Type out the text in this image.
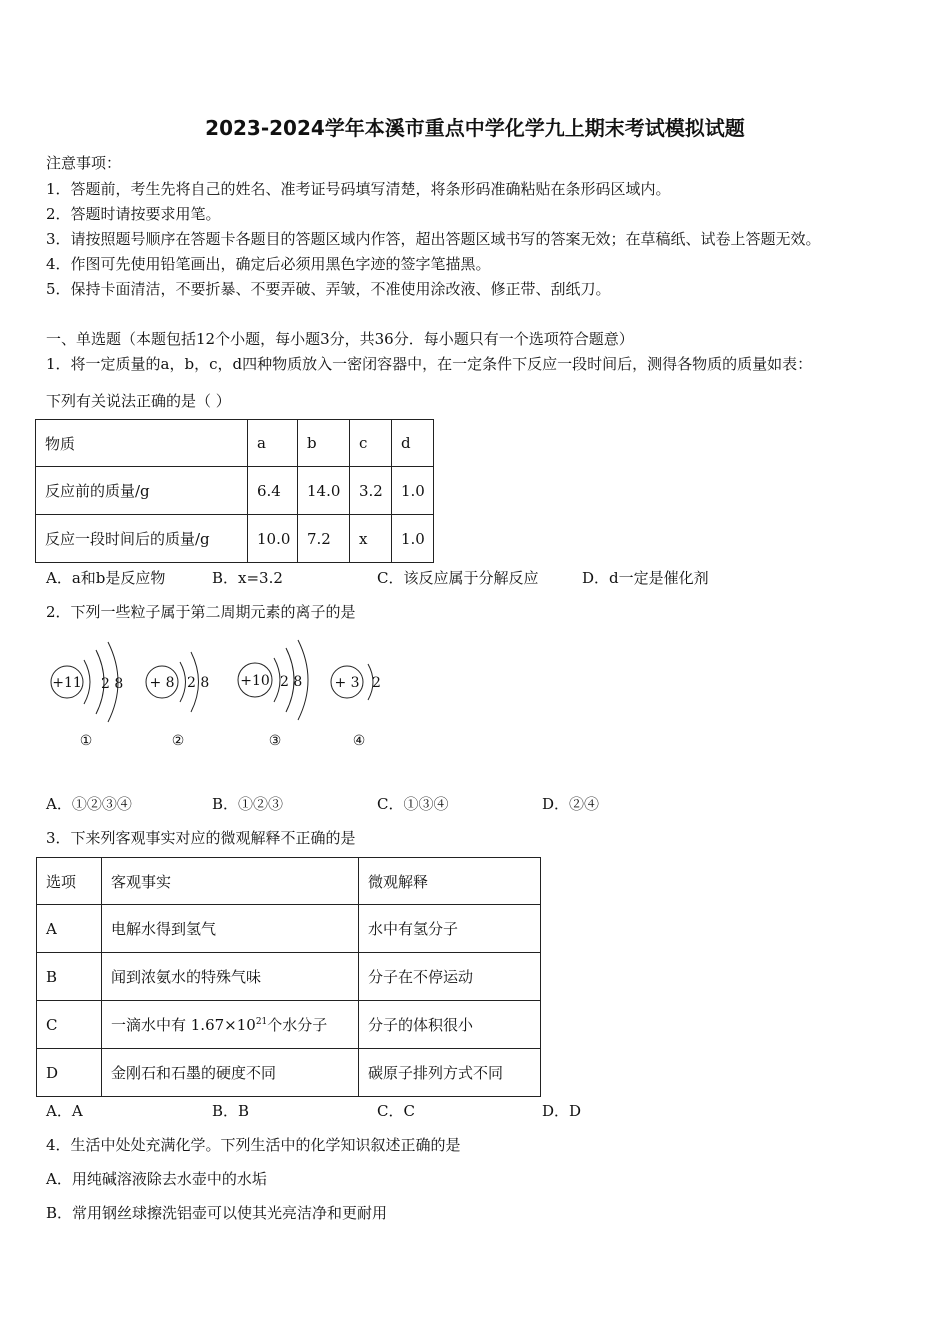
2023-2024学年本溪市重点中学化学九上期末考试模拟试题
注意事项：
1．答题前，考生先将自己的姓名、准考证号码填写清楚，将条形码准确粘贴在条形码区域内。
2．答题时请按要求用笔。
3．请按照题号顺序在答题卡各题目的答题区域内作答，超出答题区域书写的答案无效；在草稿纸、试卷上答题无效。
4．作图可先使用铅笔画出，确定后必须用黑色字迹的签字笔描黑。
5．保持卡面清洁，不要折暴、不要弄破、弄皱，不准使用涂改液、修正带、刮纸刀。
一、单选题（本题包括12个小题，每小题3分，共36分．每小题只有一个选项符合题意）
1．将一定质量的a，b，c，d四种物质放入一密闭容器中，在一定条件下反应一段时间后，测得各物质的质量如表：
下列有关说法正确的是（ ）
物质	a	b	c	d
反应前的质量/g	6.4	14.0	3.2	1.0
反应一段时间后的质量/g	10.0	7.2	x	1.0
A．a和b是反应物	B．x=3.2	C．该反应属于分解反应	D．d一定是催化剂
2．下列一些粒子属于第二周期元素的离子的是
+11 2 8
①
+ 8 2 8
②
+10 2 8
③
+ 3 2
④
A．①②③④	B．①②③	C．①③④	D．②④
3．下来列客观事实对应的微观解释不正确的是
选项	客观事实	微观解释
A	电解水得到氢气	水中有氢分子
B	闻到浓氨水的特殊气味	分子在不停运动
C	一滴水中有 $1.67\times 10^{21}$个水分子	分子的体积很小
D	金刚石和石墨的硬度不同	碳原子排列方式不同
A．A	B．B	C．C	D．D
4．生活中处处充满化学。下列生活中的化学知识叙述正确的是
A．用纯碱溶液除去水壶中的水垢
B．常用钢丝球擦洗铝壶可以使其光亮洁净和更耐用
